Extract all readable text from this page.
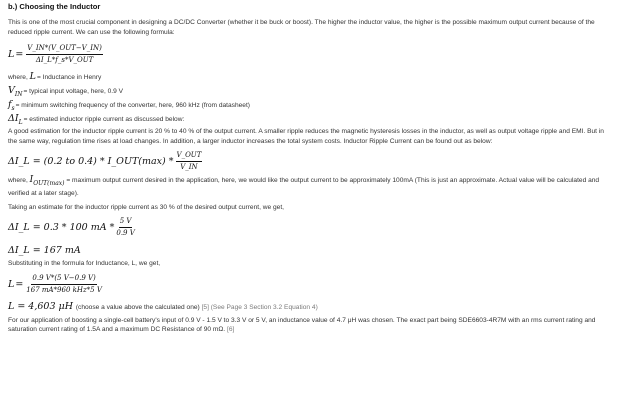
b.) Choosing the Inductor

This is one of the most crucial component in designing a DC/DC Converter (whether it be buck or boost). The higher the inductor value, the higher is the possible maximum output current because of the reduced ripple current. We can use the following formula:

$L = \frac{\text{V\_IN*(V\_OUT−V\_IN)}}{\text{ΔI\_L*f\_s*V\_OUT}}$
where,
L = Inductance in Henry
$V_{IN}$ = typical input voltage, here, 0.9 V
$f_s$ = minimum switching frequency of the converter, here, 960 kHz (from datasheet)
$\Delta I_L$ = estimated inductor ripple current as discussed below:

A good estimation for the inductor ripple current is 20 % to 40 % of the output current. A smaller ripple reduces the magnetic hysteresis losses in the inductor, as well as output voltage ripple and EMI. But in the same way, regulation time rises at load changes. In addition, a larger inductor increases the total system costs. Inductor Ripple Current can be found out as below:

ΔI_L = (0.2 to 0.4) * I_OUT(max) * $\frac{\text{V\_OUT}}{V\_IN}$

where, $I_{OUT(max)}$ = maximum output current desired in the application, here, we would like the output current to be approximately 100mA (This is just an approximate. Actual value will be calculated and verified at a later stage).

Taking an estimate for the inductor ripple current as 30 % of the desired output current, we get,

ΔI_L = 0.3 * 100 mA * $\frac{5 V}{0.9 V}$
ΔI_L = 167 mA

Substituting in the formula for Inductance, L, we get,

$L = \frac{0.9 V*(5 V-0.9 V)}{\text{167 mA*960 kHz*5 V}}$
L = 4,603 μH
(choose a value above the calculated one)
[5] (See Page 3 Section 3.2 Equation 4)

For our application of boosting a single-cell battery's input of 0.9 V - 1.5 V to 3.3 V or 5 V, an inductance value of 4.7 μH was chosen. The exact part being SDE6603-4R7M with an rms current rating and saturation current rating of 1.5A and a maximum DC Resistance of 90 mΩ. [6]
